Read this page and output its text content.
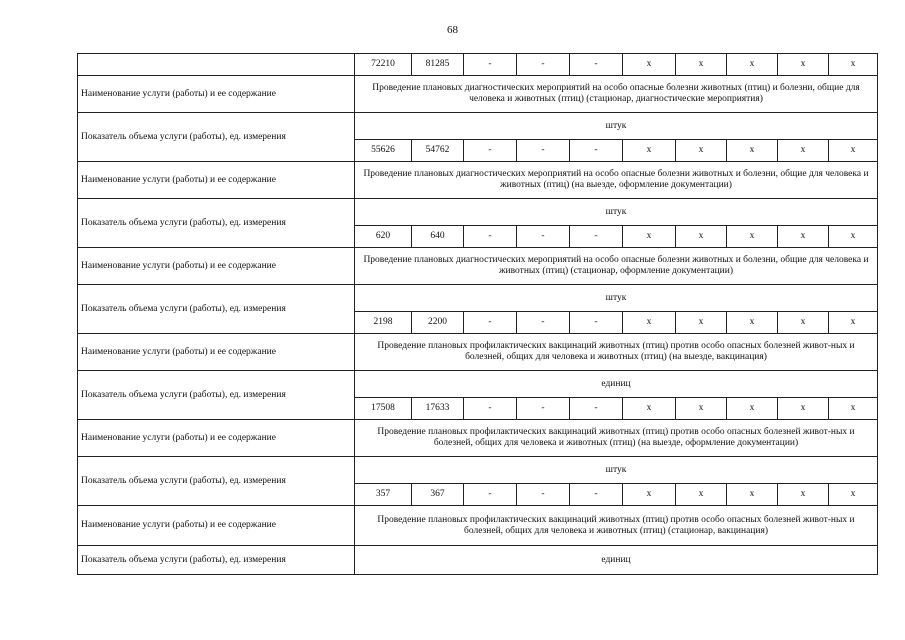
68
	72210	81285	-	-	-	x	x	x	x	x
Наименование услуги (работы) и ее содержание	Проведение плановых диагностических мероприятий на особо опасные болезни животных (птиц) и болезни, общие для человека и животных (птиц) (стационар, диагностические мероприятия)									
Показатель объема услуги (работы), ед. измерения	штук									
	55626	54762	-	-	-	x	x	x	x	x
Наименование услуги (работы) и ее содержание	Проведение плановых диагностических мероприятий на особо опасные болезни животных и болезни, общие для человека и животных (птиц) (на выезде, оформление документации)									
Показатель объема услуги (работы), ед. измерения	штук									
	620	640	-	-	-	x	x	x	x	x
Наименование услуги (работы) и ее содержание	Проведение плановых диагностических мероприятий на особо опасные болезни животных и болезни, общие для человека и животных (птиц) (стационар, оформление документации)									
Показатель объема услуги (работы), ед. измерения	штук									
	2198	2200	-	-	-	x	x	x	x	x
Наименование услуги (работы) и ее содержание	Проведение плановых профилактических вакцинаций животных (птиц) против особо опасных болезней живот-ных и болезней, общих для человека и животных (птиц) (на выезде, вакцинация)									
Показатель объема услуги (работы), ед. измерения	единиц									
	17508	17633	-	-	-	x	x	x	x	x
Наименование услуги (работы) и ее содержание	Проведение плановых профилактических вакцинаций животных (птиц) против особо опасных болезней живот-ных и болезней, общих для человека и животных (птиц) (на выезде, оформление документации)									
Показатель объема услуги (работы), ед. измерения	штук									
	357	367	-	-	-	x	x	x	x	x
Наименование услуги (работы) и ее содержание	Проведение плановых профилактических вакцинаций животных (птиц) против особо опасных болезней живот-ных и болезней, общих для человека и животных (птиц) (стационар, вакцинация)									
Показатель объема услуги (работы), ед. измерения	единиц									
